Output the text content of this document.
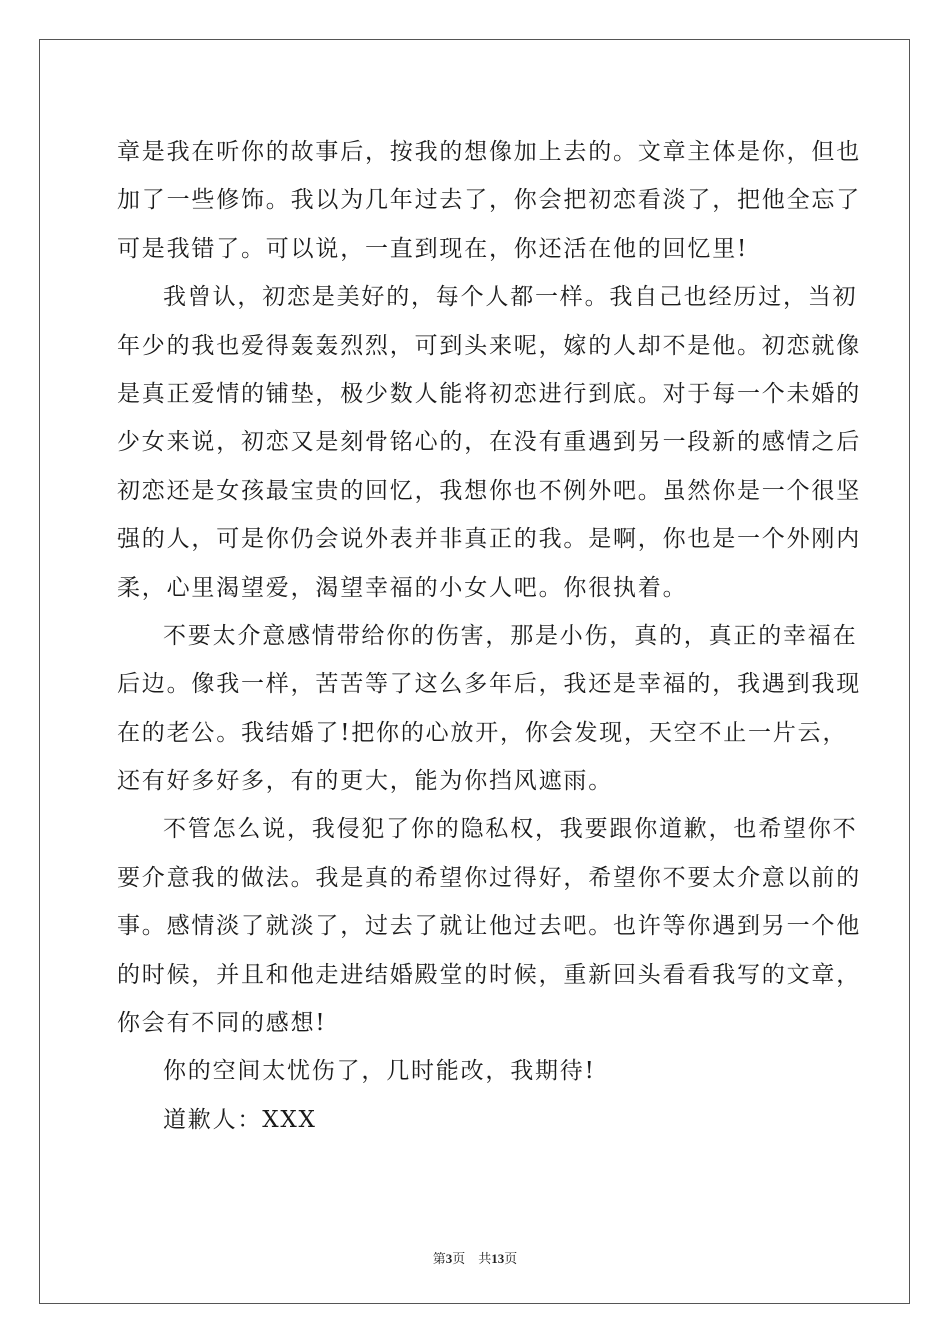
章是我在听你的故事后，按我的想像加上去的。文章主体是你，但也
加了一些修饰。我以为几年过去了，你会把初恋看淡了，把他全忘了
可是我错了。可以说，一直到现在，你还活在他的回忆里!
我曾认，初恋是美好的，每个人都一样。我自己也经历过，当初
年少的我也爱得轰轰烈烈，可到头来呢，嫁的人却不是他。初恋就像
是真正爱情的铺垫，极少数人能将初恋进行到底。对于每一个未婚的
少女来说，初恋又是刻骨铭心的，在没有重遇到另一段新的感情之后
初恋还是女孩最宝贵的回忆，我想你也不例外吧。虽然你是一个很坚
强的人，可是你仍会说外表并非真正的我。是啊，你也是一个外刚内
柔，心里渴望爱，渴望幸福的小女人吧。你很执着。
不要太介意感情带给你的伤害，那是小伤，真的，真正的幸福在
后边。像我一样，苦苦等了这么多年后，我还是幸福的，我遇到我现
在的老公。我结婚了!把你的心放开，你会发现，天空不止一片云，
还有好多好多，有的更大，能为你挡风遮雨。
不管怎么说，我侵犯了你的隐私权，我要跟你道歉，也希望你不
要介意我的做法。我是真的希望你过得好，希望你不要太介意以前的
事。感情淡了就淡了，过去了就让他过去吧。也许等你遇到另一个他
的时候，并且和他走进结婚殿堂的时候，重新回头看看我写的文章，
你会有不同的感想!
你的空间太忧伤了，几时能改，我期待!
道歉人：XXX
第3页　共13页
